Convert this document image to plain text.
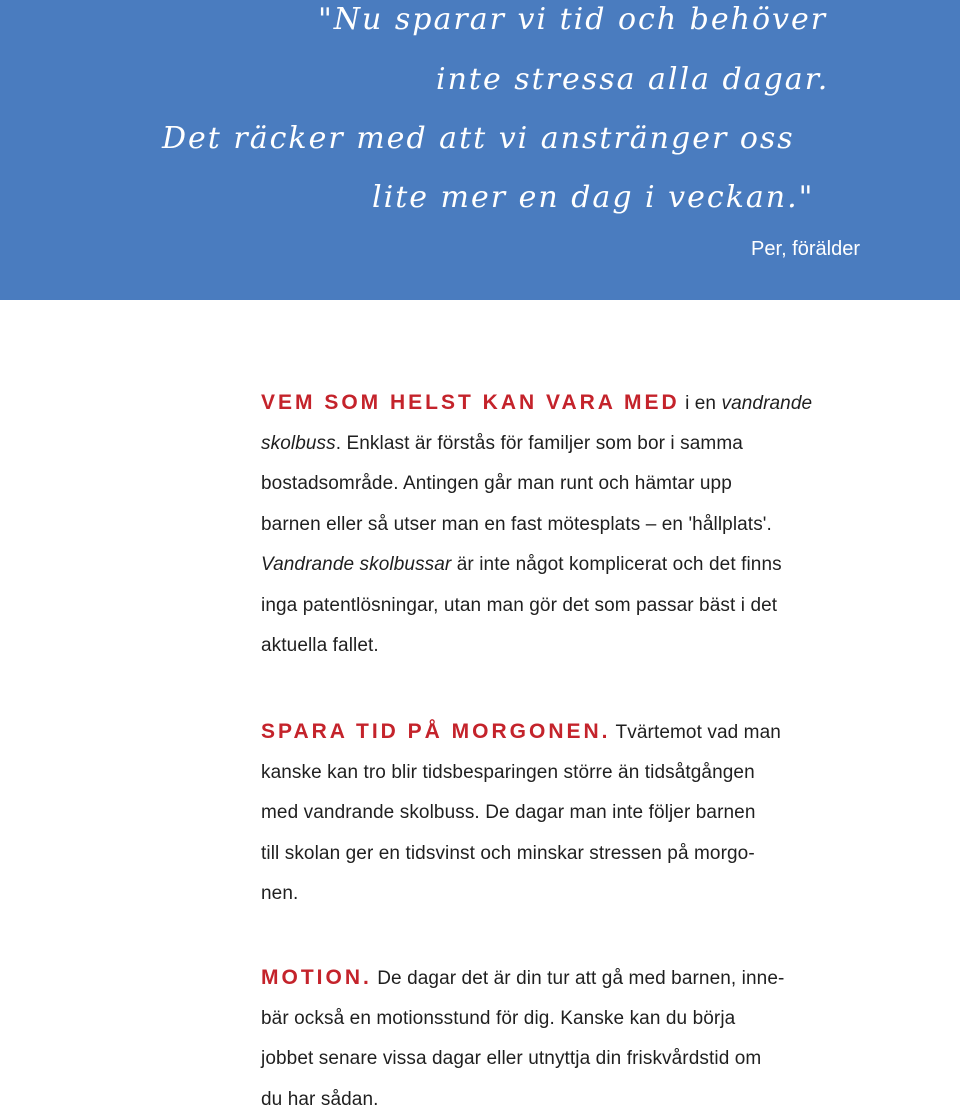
"Nu sparar vi tid och behöver
inte stressa alla dagar.
Det räcker med att vi anstränger oss
lite mer en dag i veckan."
Per, förälder
VEM SOM HELST KAN VARA MED i en vandrande
skolbuss. Enklast är förstås för familjer som bor i samma
bostadsområde. Antingen går man runt och hämtar upp
barnen eller så utser man en fast mötesplats – en 'hållplats'.
Vandrande skolbussar är inte något komplicerat och det finns
inga patentlösningar, utan man gör det som passar bäst i det
aktuella fallet.
SPARA TID PÅ MORGONEN. Tvärtemot vad man
kanske kan tro blir tidsbesparingen större än tidsåtgången
med vandrande skolbuss. De dagar man inte följer barnen
till skolan ger en tidsvinst och minskar stressen på morgo-
nen.
MOTION. De dagar det är din tur att gå med barnen, inne-
bär också en motionsstund för dig. Kanske kan du börja
jobbet senare vissa dagar eller utnyttja din friskvårdstid om
du har sådan.
